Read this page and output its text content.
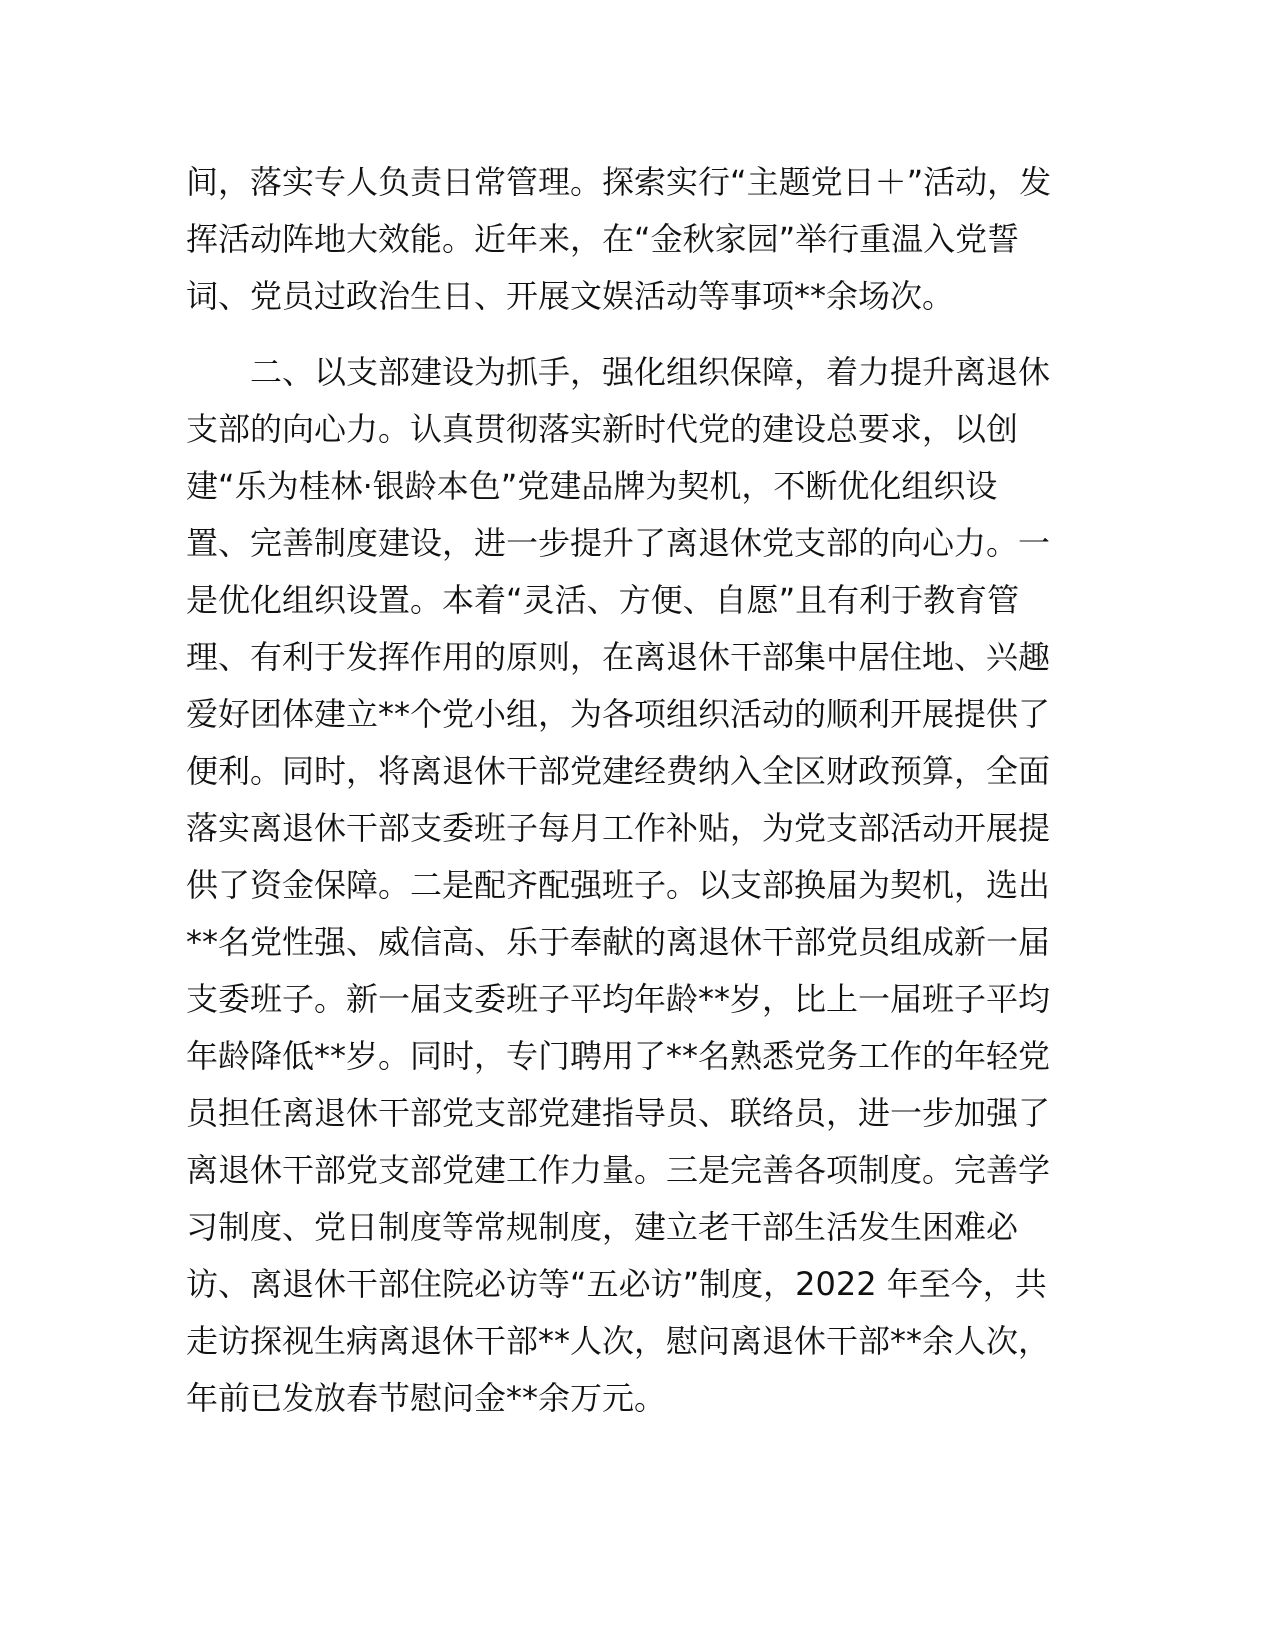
间，落实专人负责日常管理。探索实行“主题党日＋”活动，发
挥活动阵地大效能。近年来，在“金秋家园”举行重温入党誓
词、党员过政治生日、开展文娱活动等事项**余场次。
二、以支部建设为抓手，强化组织保障，着力提升离退休
支部的向心力。认真贯彻落实新时代党的建设总要求，以创
建“乐为桂林·银龄本色”党建品牌为契机，不断优化组织设
置、完善制度建设，进一步提升了离退休党支部的向心力。一
是优化组织设置。本着“灵活、方便、自愿”且有利于教育管
理、有利于发挥作用的原则，在离退休干部集中居住地、兴趣
爱好团体建立**个党小组，为各项组织活动的顺利开展提供了
便利。同时，将离退休干部党建经费纳入全区财政预算，全面
落实离退休干部支委班子每月工作补贴，为党支部活动开展提
供了资金保障。二是配齐配强班子。以支部换届为契机，选出
**名党性强、威信高、乐于奉献的离退休干部党员组成新一届
支委班子。新一届支委班子平均年龄**岁，比上一届班子平均
年龄降低**岁。同时，专门聘用了**名熟悉党务工作的年轻党
员担任离退休干部党支部党建指导员、联络员，进一步加强了
离退休干部党支部党建工作力量。三是完善各项制度。完善学
习制度、党日制度等常规制度，建立老干部生活发生困难必
访、离退休干部住院必访等“五必访”制度，2022 年至今，共
走访探视生病离退休干部**人次，慰问离退休干部**余人次，
年前已发放春节慰问金**余万元。
